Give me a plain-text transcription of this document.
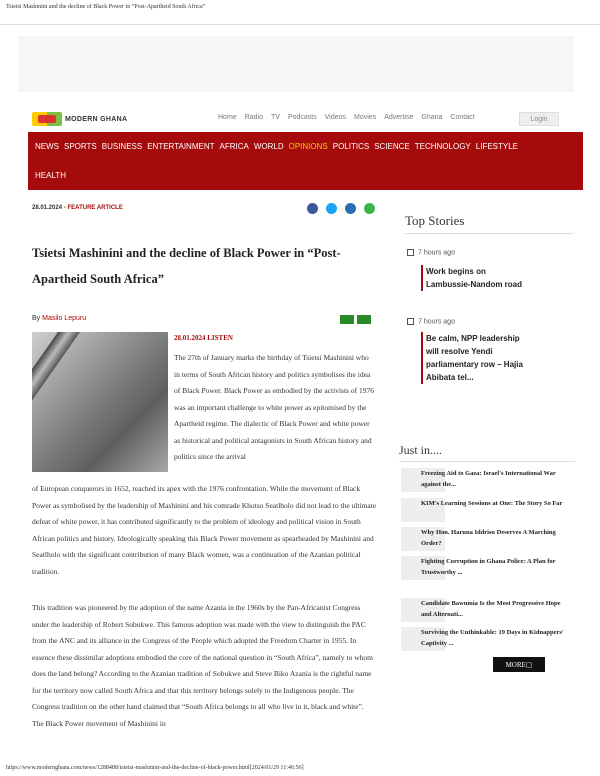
Tsietsi Mashinini and the decline of Black Power in “Post-Apartheid South Africa”
MODERN GHANA	Home Radio TV Podcasts Videos Movies Advertise Ghana Contact	Login
NEWS SPORTS BUSINESS ENTERTAINMENT AFRICA WORLD OPINIONS POLITICS SCIENCE TECHNOLOGY LIFESTYLE
HEALTH
28.01.2024 ▫ FEATURE ARTICLE
Tsietsi Mashinini and the decline of Black Power in “Post-Apartheid South Africa”
By Masilo Lepuru
28.01.2024 LISTEN
The 27th of January marks the birthday of Tsietsi Mashinini who in terms of South African history and politics symbolises the idea of Black Power. Black Power as embodied by the activists of 1976 was an important challenge to white power as epitomised by the Apartheid regime. The dialectic of Black Power and white power as historical and political antagonists in South African history and politics since the arrival
of European conquerors in 1652, reached its apex with the 1976 confrontation. While the movement of Black Power as symbolised by the leadership of Mashinini and his comrade Khotso Seatlholo did not lead to the ultimate defeat of white power, it has contributed significantly to the problem of ideology and political vision in South African politics and history. Ideologically speaking this Black Power movement as spearheaded by Mashinini and Seatlholo with the significant contribution of many Black women, was a continuation of the Azanian political tradition.
This tradition was pioneered by the adoption of the name Azania in the 1960s by the Pan-Africanist Congress under the leadership of Robert Sobukwe. This famous adoption was made with the view to distinguish the PAC from the ANC and its alliance in the Congress of the People which adopted the Freedom Charter in 1955. In essence these dissimilar adoptions embodied the core of the national question in “South Africa”, namely to whom does the land belong? According to the Azanian tradition of Sobukwe and Steve Biko Azania is the rightful name for the territory now called South Africa and that this territory belongs solely to the Indigenous people. The Congress tradition on the other hand claimed that “South Africa belongs to all who live in it, black and white”. The Black Power movement of Mashinini in
Top Stories
7 hours ago
Work begins on Lambussie-Nandom road
7 hours ago
Be calm, NPP leadership will resolve Yendi parliamentary row – Hajia Abibata tel...
Just in....
Freezing Aid to Gaza: Israel's International War against the...
KIM's Learning Sessions at One: The Story So Far
Why Hon. Haruna Iddrisu Deserves A Marching Order?
Fighting Corruption in Ghana Police: A Plan for Trustworthy ...
Candidate Bawumia Is the Most Progressive Hope and Alternati...
Surviving the Unthinkable: 19 Days in Kidnappers' Captivity ...
MORE ▢
https://www.modernghana.com/news/1288488/tsietsi-mashinini-and-the-decline-of-black-power.html[2024/01/29 11:46:56]
